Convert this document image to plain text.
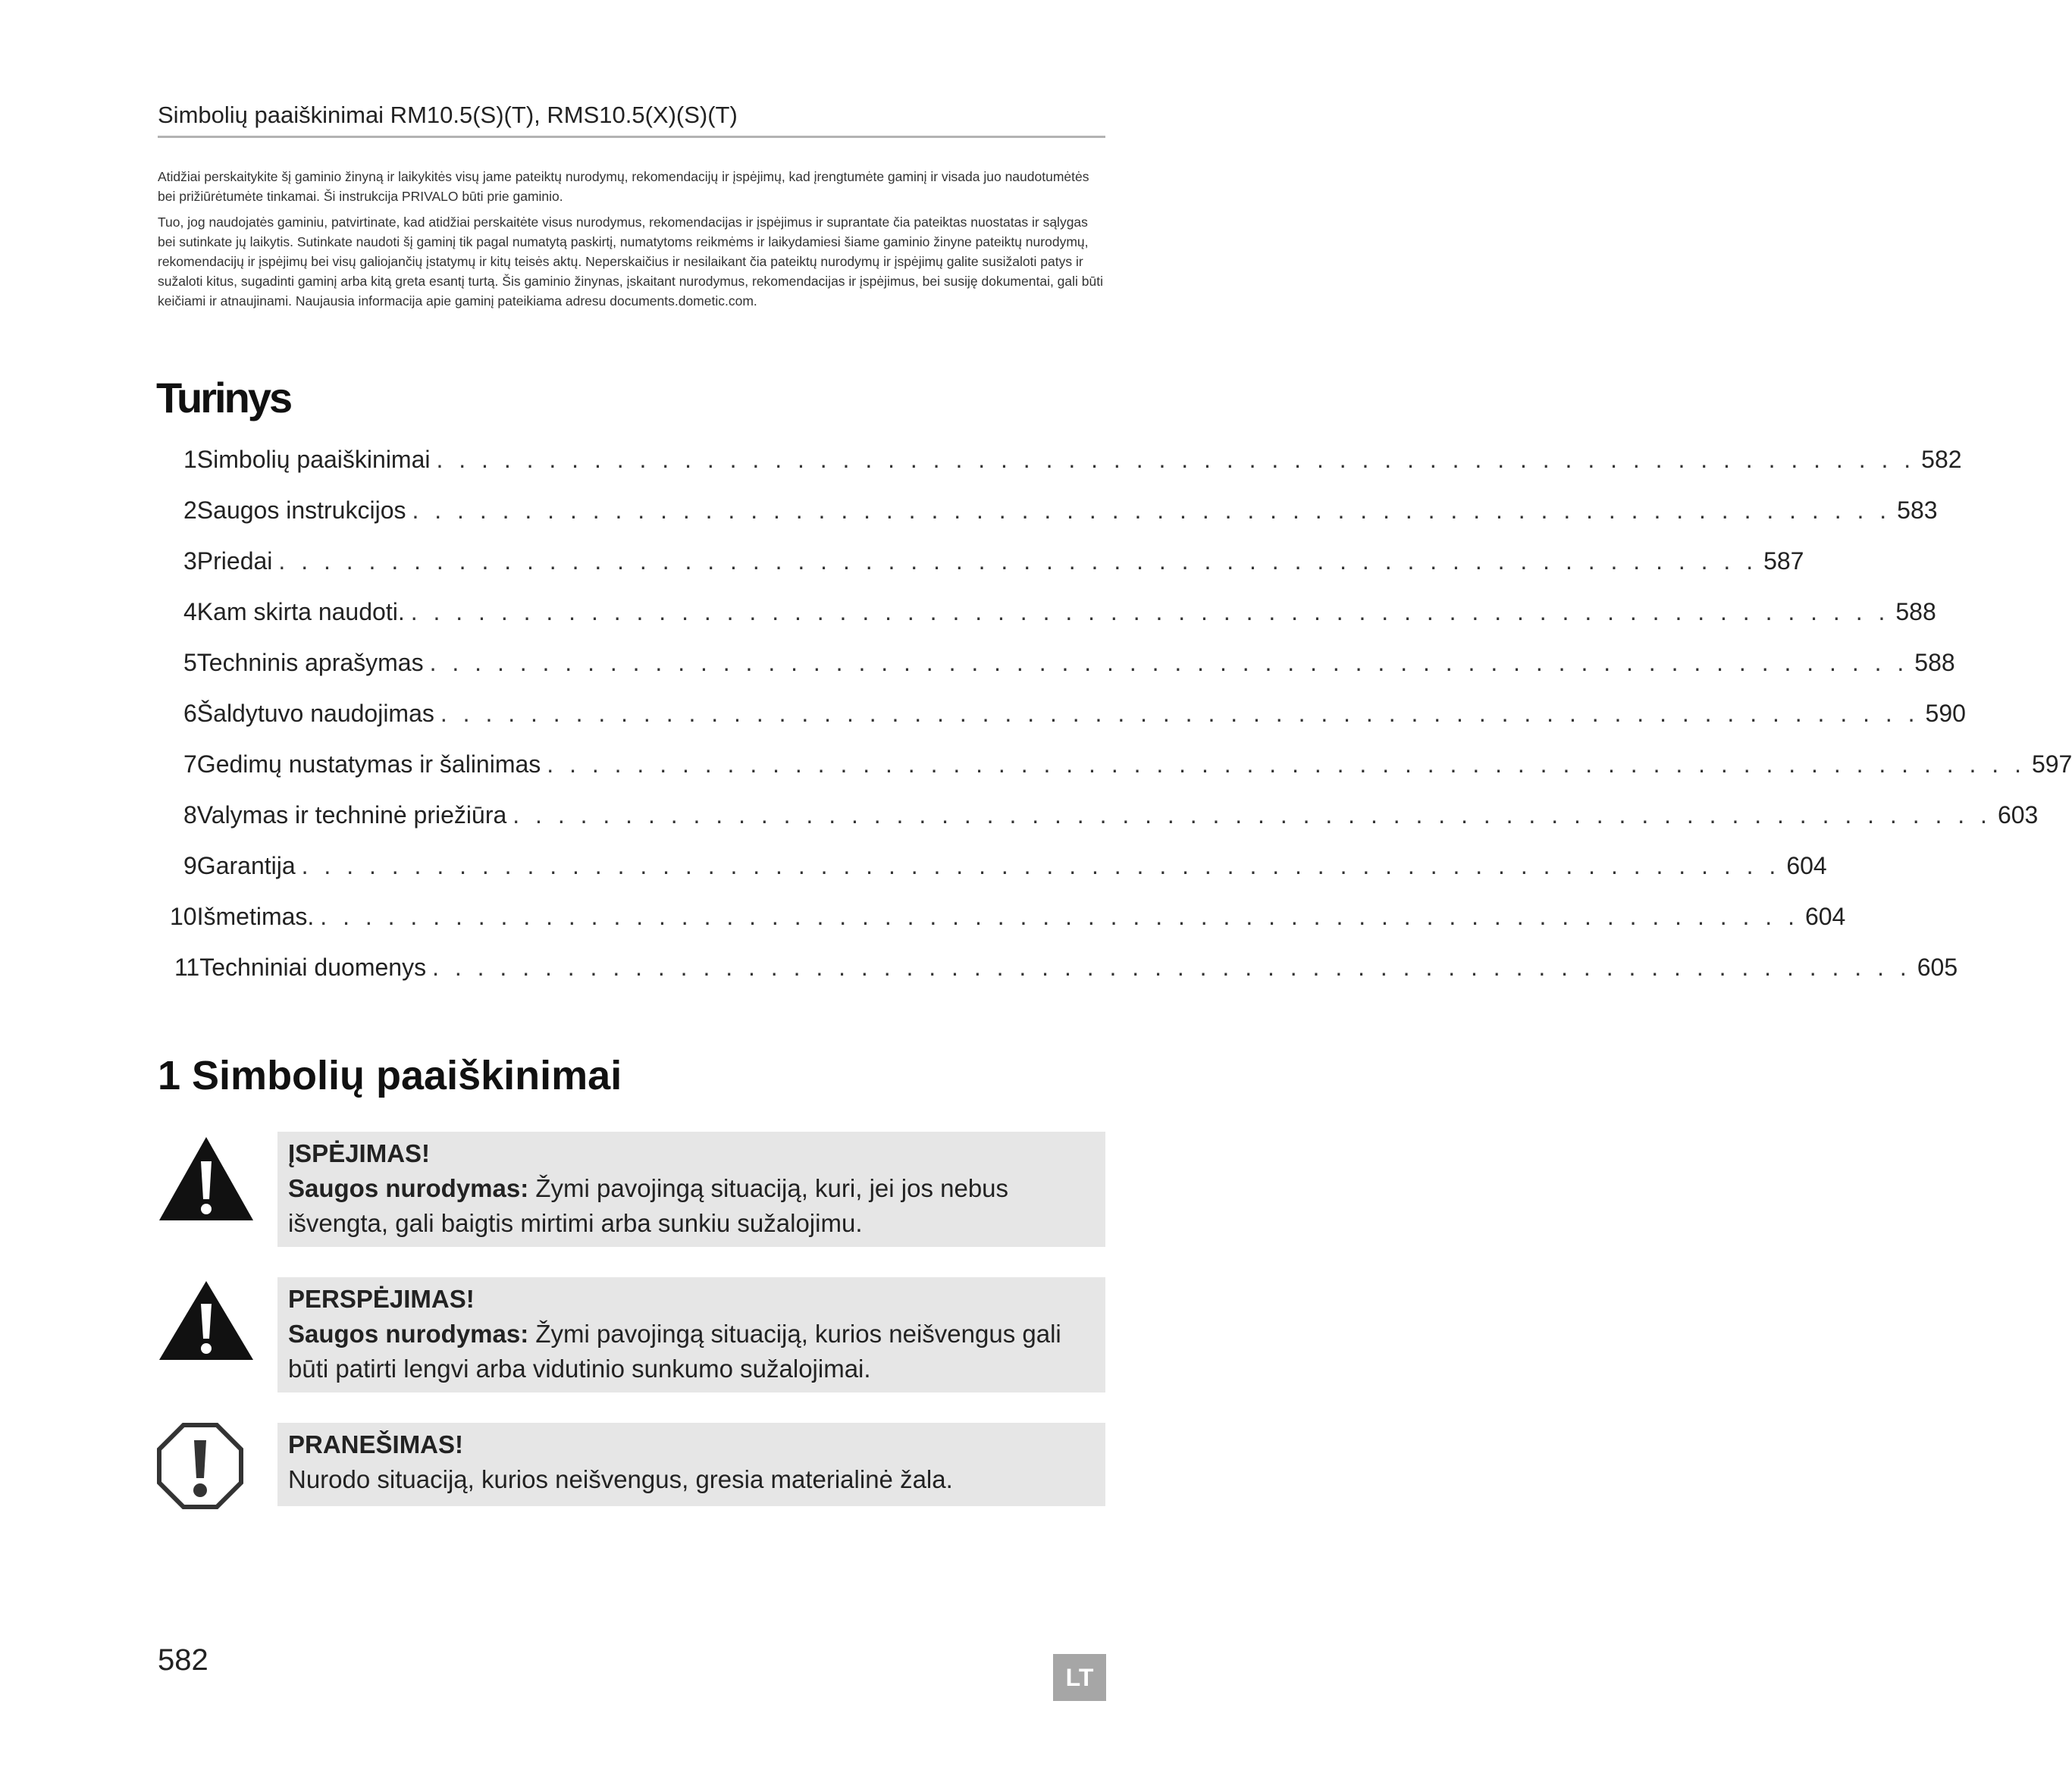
Simbolių paaiškinimai RM10.5(S)(T), RMS10.5(X)(S)(T)

Atidžiai perskaitykite šį gaminio žinyną ir laikykitės visų jame pateiktų nurodymų, rekomendacijų ir įspėjimų, kad įrengtumėte gaminį ir visada juo naudotumėtės bei prižiūrėtumėte tinkamai. Ši instrukcija PRIVALO būti prie gaminio.

Tuo, jog naudojatės gaminiu, patvirtinate, kad atidžiai perskaitėte visus nurodymus, rekomendacijas ir įspėjimus ir suprantate čia pateiktas nuostatas ir sąlygas bei sutinkate jų laikytis. Sutinkate naudoti šį gaminį tik pagal numatytą paskirtį, numatytoms reikmėms ir laikydamiesi šiame gaminio žinyne pateiktų nurodymų, rekomendacijų ir įspėjimų bei visų galiojančių įstatymų ir kitų teisės aktų. Neperskaičius ir nesilaikant čia pateiktų nurodymų ir įspėjimų galite susižaloti patys ir sužaloti kitus, sugadinti gaminį arba kitą greta esantį turtą. Šis gaminio žinynas, įskaitant nurodymus, rekomendacijas ir įspėjimus, bei susiję dokumentai, gali būti keičiami ir atnaujinami. Naujausia informacija apie gaminį pateikiama adresu documents.dometic.com.

Turinys
1 Simbolių paaiškinimai . . . . . . . . . . . . . . . . . . . . . . . . . . . . . . . . . . . . . . . . . . . . . . . . . . . . . . . . . . . . . . . . . . 582
2 Saugos instrukcijos . . . . . . . . . . . . . . . . . . . . . . . . . . . . . . . . . . . . . . . . . . . . . . . . . . . . . . . . . . . . . . . . . . 583
3 Priedai . . . . . . . . . . . . . . . . . . . . . . . . . . . . . . . . . . . . . . . . . . . . . . . . . . . . . . . . . . . . . . . . . . 587
4 Kam skirta naudoti. . . . . . . . . . . . . . . . . . . . . . . . . . . . . . . . . . . . . . . . . . . . . . . . . . . . . . . . . . . . . . . . . . . 588
5 Techninis aprašymas . . . . . . . . . . . . . . . . . . . . . . . . . . . . . . . . . . . . . . . . . . . . . . . . . . . . . . . . . . . . . . . . . . 588
6 Šaldytuvo naudojimas . . . . . . . . . . . . . . . . . . . . . . . . . . . . . . . . . . . . . . . . . . . . . . . . . . . . . . . . . . . . . . . . . . 590
7 Gedimų nustatymas ir šalinimas . . . . . . . . . . . . . . . . . . . . . . . . . . . . . . . . . . . . . . . . . . . . . . . . . . . . . . . . . . . . . . . . . . 597
8 Valymas ir techninė priežiūra . . . . . . . . . . . . . . . . . . . . . . . . . . . . . . . . . . . . . . . . . . . . . . . . . . . . . . . . . . . . . . . . . . 603
9 Garantija . . . . . . . . . . . . . . . . . . . . . . . . . . . . . . . . . . . . . . . . . . . . . . . . . . . . . . . . . . . . . . . . . . 604
10 Išmetimas. . . . . . . . . . . . . . . . . . . . . . . . . . . . . . . . . . . . . . . . . . . . . . . . . . . . . . . . . . . . . . . . . . . 604
11 Techniniai duomenys . . . . . . . . . . . . . . . . . . . . . . . . . . . . . . . . . . . . . . . . . . . . . . . . . . . . . . . . . . . . . . . . . . 605
1 Simbolių paaiškinimai
ĮSPĖJIMAS!
Saugos nurodymas: Žymi pavojingą situaciją, kuri, jei jos nebus išvengta, gali baigtis mirtimi arba sunkiu sužalojimu.
PERSPĖJIMAS!
Saugos nurodymas: Žymi pavojingą situaciją, kurios neišvengus gali būti patirti lengvi arba vidutinio sunkumo sužalojimai.
PRANEŠIMAS!
Nurodo situaciją, kurios neišvengus, gresia materialinė žala.
582
LT
